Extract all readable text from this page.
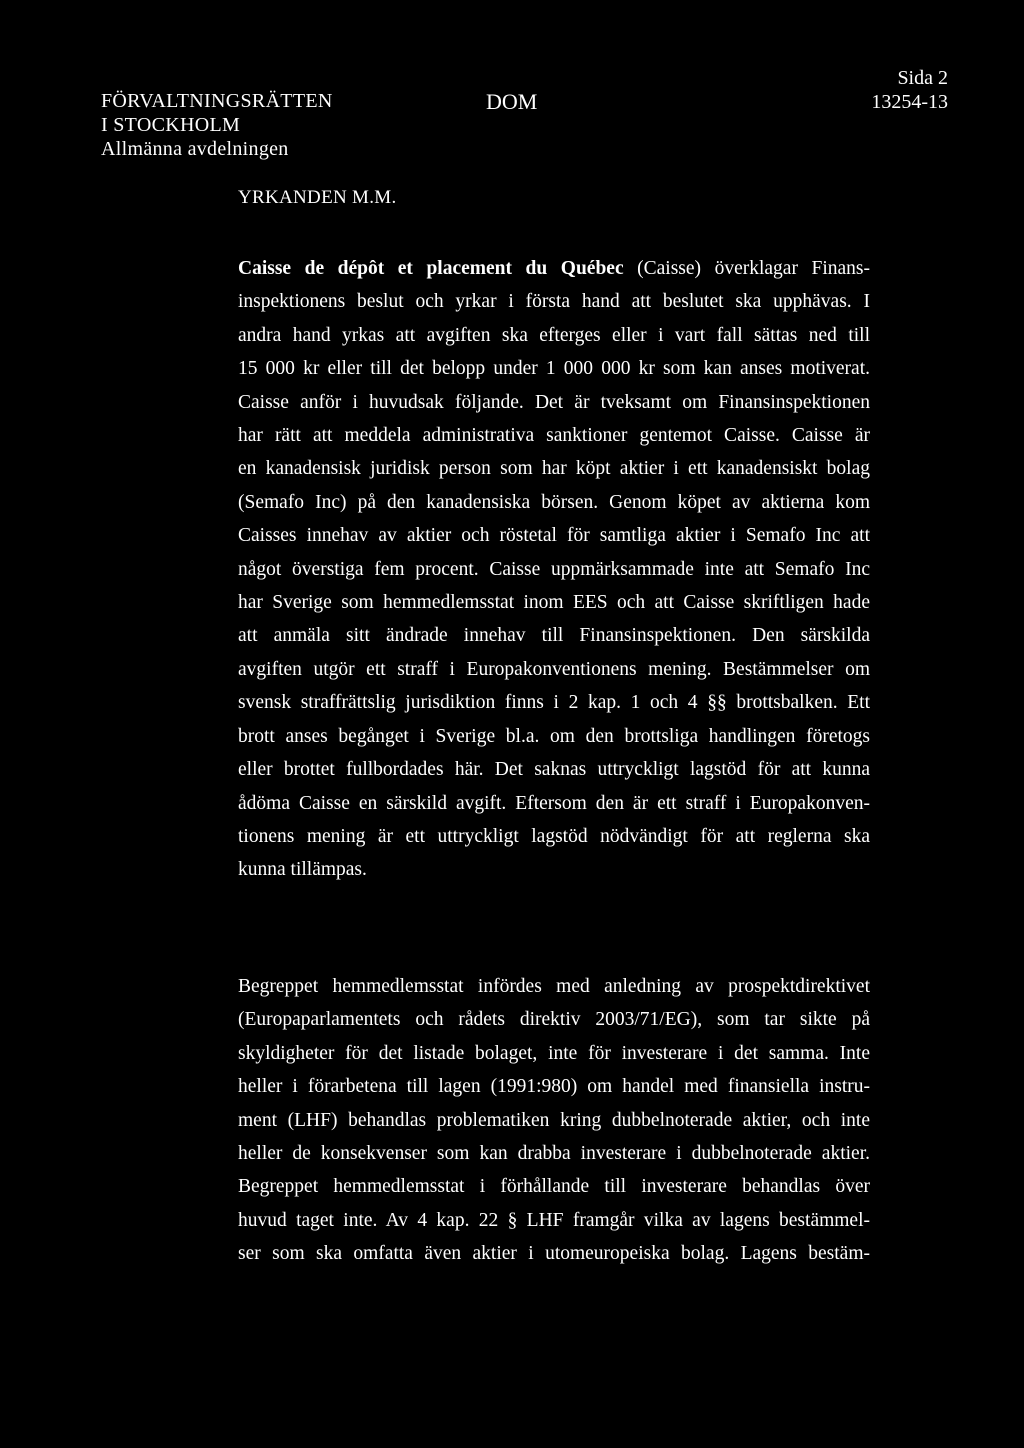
FÖRVALTNINGSRÄTTEN
I STOCKHOLM
Allmänna avdelningen
DOM
Sida 2
13254-13
YRKANDEN M.M.
Caisse de dépôt et placement du Québec (Caisse) överklagar Finans-
inspektionens beslut och yrkar i första hand att beslutet ska upphävas. I
andra hand yrkas att avgiften ska efterges eller i vart fall sättas ned till
15 000 kr eller till det belopp under 1 000 000 kr som kan anses motiverat.
Caisse anför i huvudsak följande. Det är tveksamt om Finansinspektionen
har rätt att meddela administrativa sanktioner gentemot Caisse. Caisse är
en kanadensisk juridisk person som har köpt aktier i ett kanadensiskt bolag
(Semafo Inc) på den kanadensiska börsen. Genom köpet av aktierna kom
Caisses innehav av aktier och röstetal för samtliga aktier i Semafo Inc att
något överstiga fem procent. Caisse uppmärksammade inte att Semafo Inc
har Sverige som hemmedlemsstat inom EES och att Caisse skriftligen hade
att anmäla sitt ändrade innehav till Finansinspektionen. Den särskilda
avgiften utgör ett straff i Europakonventionens mening. Bestämmelser om
svensk straffrättslig jurisdiktion finns i 2 kap. 1 och 4 §§ brottsbalken. Ett
brott anses begånget i Sverige bl.a. om den brottsliga handlingen företogs
eller brottet fullbordades här. Det saknas uttryckligt lagstöd för att kunna
ådöma Caisse en särskild avgift. Eftersom den är ett straff i Europakonven-
tionens mening är ett uttryckligt lagstöd nödvändigt för att reglerna ska
kunna tillämpas.
Begreppet hemmedlemsstat infördes med anledning av prospektdirektivet
(Europaparlamentets och rådets direktiv 2003/71/EG), som tar sikte på
skyldigheter för det listade bolaget, inte för investerare i det samma. Inte
heller i förarbetena till lagen (1991:980) om handel med finansiella instru-
ment (LHF) behandlas problematiken kring dubbelnoterade aktier, och inte
heller de konsekvenser som kan drabba investerare i dubbelnoterade aktier.
Begreppet hemmedlemsstat i förhållande till investerare behandlas över
huvud taget inte. Av 4 kap. 22 § LHF framgår vilka av lagens bestämmel-
ser som ska omfatta även aktier i utomeuropeiska bolag. Lagens bestäm-
